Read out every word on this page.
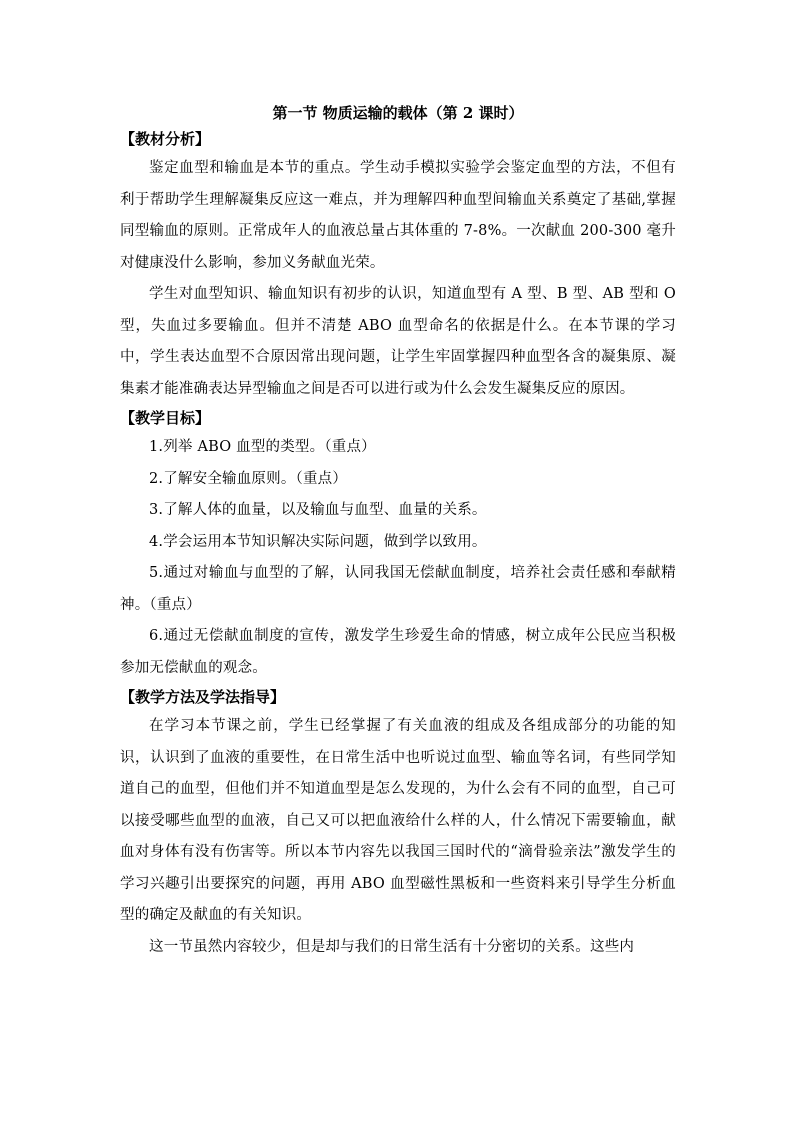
第一节 物质运输的载体（第 2 课时）
【教材分析】

鉴定血型和输血是本节的重点。学生动手模拟实验学会鉴定血型的方法，不但有利于帮助学生理解凝集反应这一难点，并为理解四种血型间输血关系奠定了基础,掌握同型输血的原则。正常成年人的血液总量占其体重的 7-8%。一次献血 200-300 毫升对健康没什么影响，参加义务献血光荣。

学生对血型知识、输血知识有初步的认识，知道血型有 A 型、B 型、AB 型和 O 型，失血过多要输血。但并不清楚 ABO 血型命名的依据是什么。在本节课的学习中，学生表达血型不合原因常出现问题，让学生牢固掌握四种血型各含的凝集原、凝集素才能准确表达异型输血之间是否可以进行或为什么会发生凝集反应的原因。

【教学目标】

1.列举 ABO 血型的类型。（重点）

2.了解安全输血原则。（重点）

3.了解人体的血量，以及输血与血型、血量的关系。

4.学会运用本节知识解决实际问题，做到学以致用。

5.通过对输血与血型的了解，认同我国无偿献血制度，培养社会责任感和奉献精神。（重点）

6.通过无偿献血制度的宣传，激发学生珍爱生命的情感，树立成年公民应当积极参加无偿献血的观念。

【教学方法及学法指导】

在学习本节课之前，学生已经掌握了有关血液的组成及各组成部分的功能的知识，认识到了血液的重要性，在日常生活中也听说过血型、输血等名词，有些同学知道自己的血型，但他们并不知道血型是怎么发现的，为什么会有不同的血型，自己可以接受哪些血型的血液，自己又可以把血液给什么样的人，什么情况下需要输血，献血对身体有没有伤害等。所以本节内容先以我国三国时代的“滴骨验亲法”激发学生的学习兴趣引出要探究的问题，再用 ABO 血型磁性黑板和一些资料来引导学生分析血型的确定及献血的有关知识。

这一节虽然内容较少，但是却与我们的日常生活有十分密切的关系。这些内
